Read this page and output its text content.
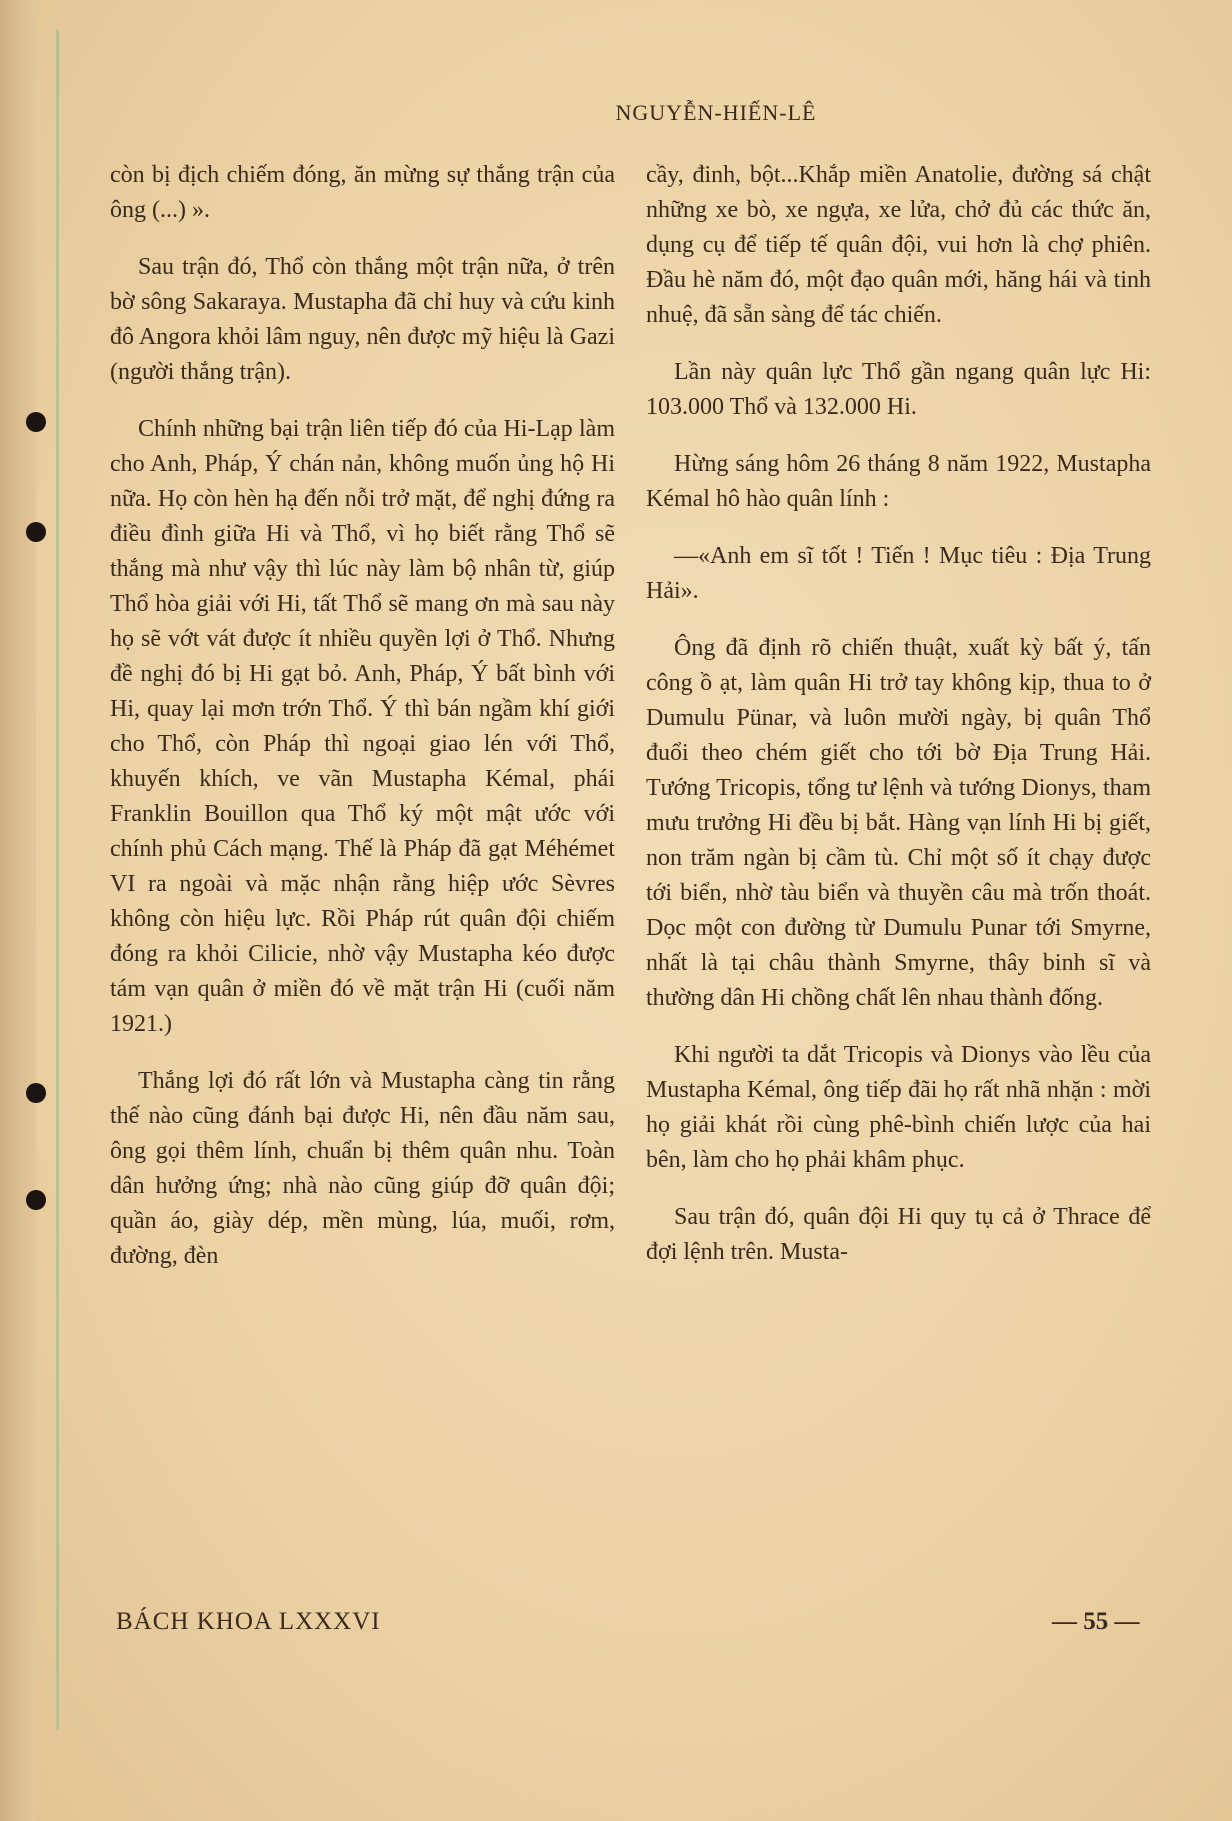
NGUYỄN-HIẾN-LÊ

còn bị địch chiếm đóng, ăn mừng sự thắng trận của ông (...) ».

Sau trận đó, Thổ còn thắng một trận nữa, ở trên bờ sông Sakaraya. Mustapha đã chỉ huy và cứu kinh đô Angora khỏi lâm nguy, nên được mỹ hiệu là Gazi (người thắng trận).

Chính những bại trận liên tiếp đó của Hi-Lạp làm cho Anh, Pháp, Ý chán nản, không muốn ủng hộ Hi nữa. Họ còn hèn hạ đến nỗi trở mặt, để nghị đứng ra điều đình giữa Hi và Thổ, vì họ biết rằng Thổ sẽ thắng mà như vậy thì lúc này làm bộ nhân từ, giúp Thổ hòa giải với Hi, tất Thổ sẽ mang ơn mà sau này họ sẽ vớt vát được ít nhiều quyền lợi ở Thổ. Nhưng đề nghị đó bị Hi gạt bỏ. Anh, Pháp, Ý bất bình với Hi, quay lại mơn trớn Thổ. Ý thì bán ngầm khí giới cho Thổ, còn Pháp thì ngoại giao lén với Thổ, khuyến khích, ve vãn Mustapha Kémal, phái Franklin Bouillon qua Thổ ký một mật ước với chính phủ Cách mạng. Thế là Pháp đã gạt Méhémet VI ra ngoài và mặc nhận rằng hiệp ước Sèvres không còn hiệu lực. Rồi Pháp rút quân đội chiếm đóng ra khỏi Cilicie, nhờ vậy Mustapha kéo được tám vạn quân ở miền đó về mặt trận Hi (cuối năm 1921.)

Thắng lợi đó rất lớn và Mustapha càng tin rằng thế nào cũng đánh bại được Hi, nên đầu năm sau, ông gọi thêm lính, chuẩn bị thêm quân nhu. Toàn dân hưởng ứng; nhà nào cũng giúp đỡ quân đội; quần áo, giày dép, mền mùng, lúa, muối, rơm, đường, đèn

cầy, đinh, bột...Khắp miền Anatolie, đường sá chật những xe bò, xe ngựa, xe lửa, chở đủ các thức ăn, dụng cụ để tiếp tế quân đội, vui hơn là chợ phiên. Đầu hè năm đó, một đạo quân mới, hăng hái và tinh nhuệ, đã sẵn sàng để tác chiến.

Lần này quân lực Thổ gần ngang quân lực Hi: 103.000 Thổ và 132.000 Hi.

Hừng sáng hôm 26 tháng 8 năm 1922, Mustapha Kémal hô hào quân lính :

—«Anh em sĩ tốt ! Tiến ! Mục tiêu : Địa Trung Hải».

Ông đã định rõ chiến thuật, xuất kỳ bất ý, tấn công ồ ạt, làm quân Hi trở tay không kịp, thua to ở Dumulu Pünar, và luôn mười ngày, bị quân Thổ đuổi theo chém giết cho tới bờ Địa Trung Hải. Tướng Tricopis, tổng tư lệnh và tướng Dionys, tham mưu trưởng Hi đều bị bắt. Hàng vạn lính Hi bị giết, non trăm ngàn bị cầm tù. Chỉ một số ít chạy được tới biển, nhờ tàu biển và thuyền câu mà trốn thoát. Dọc một con đường từ Dumulu Punar tới Smyrne, nhất là tại châu thành Smyrne, thây binh sĩ và thường dân Hi chồng chất lên nhau thành đống.

Khi người ta dắt Tricopis và Dionys vào lều của Mustapha Kémal, ông tiếp đãi họ rất nhã nhặn : mời họ giải khát rồi cùng phê-bình chiến lược của hai bên, làm cho họ phải khâm phục.

Sau trận đó, quân đội Hi quy tụ cả ở Thrace để đợi lệnh trên. Musta-

BÁCH KHOA LXXXVI	— 55 —
